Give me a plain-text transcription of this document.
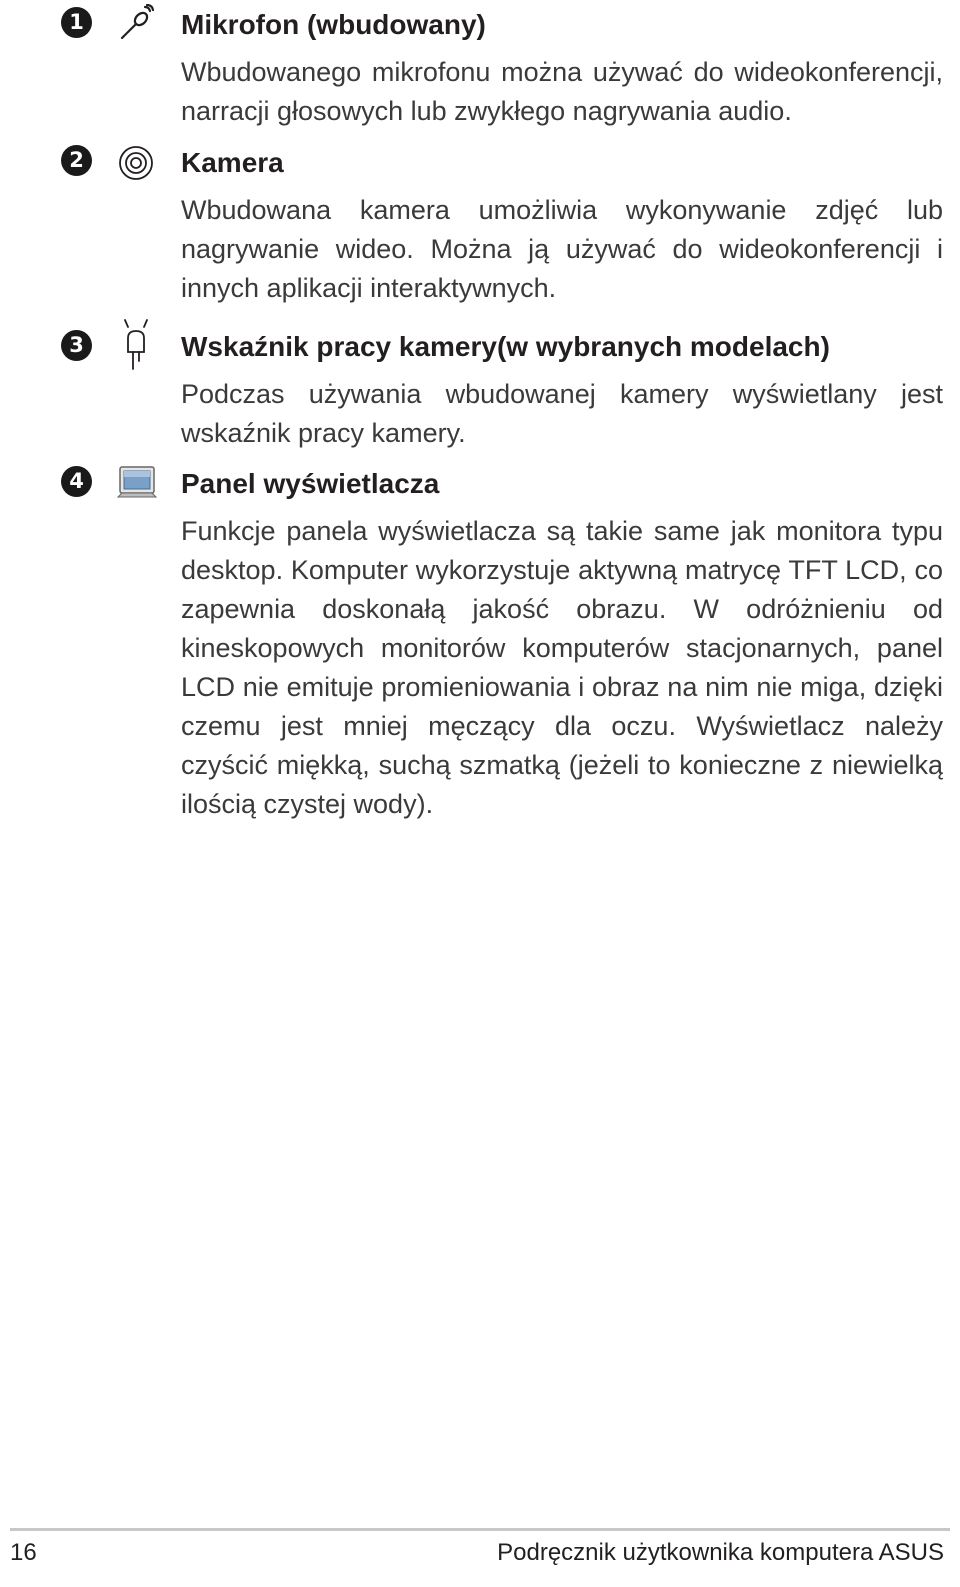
1	Mikrofon (wbudowany)
Wbudowanego mikrofonu można używać do wideokonferencji, narracji głosowych lub zwykłego nagrywania audio.
2	Kamera
Wbudowana kamera umożliwia wykonywanie zdjęć lub nagrywanie wideo. Można ją używać do wideokonferencji i innych aplikacji interaktywnych.
3	Wskaźnik pracy kamery(w wybranych modelach)
Podczas używania wbudowanej kamery wyświetlany jest wskaźnik pracy kamery.
4	Panel wyświetlacza
Funkcje panela wyświetlacza są takie same jak monitora typu desktop. Komputer wykorzystuje aktywną matrycę TFT LCD, co zapewnia doskonałą jakość obrazu. W odróżnieniu od kineskopowych monitorów komputerów stacjonarnych, panel LCD nie emituje promieniowania i obraz na nim nie miga, dzięki czemu jest mniej męczący dla oczu. Wyświetlacz należy czyścić miękką, suchą szmatką (jeżeli to konieczne z niewielką ilością czystej wody).
16	Podręcznik użytkownika komputera ASUS
